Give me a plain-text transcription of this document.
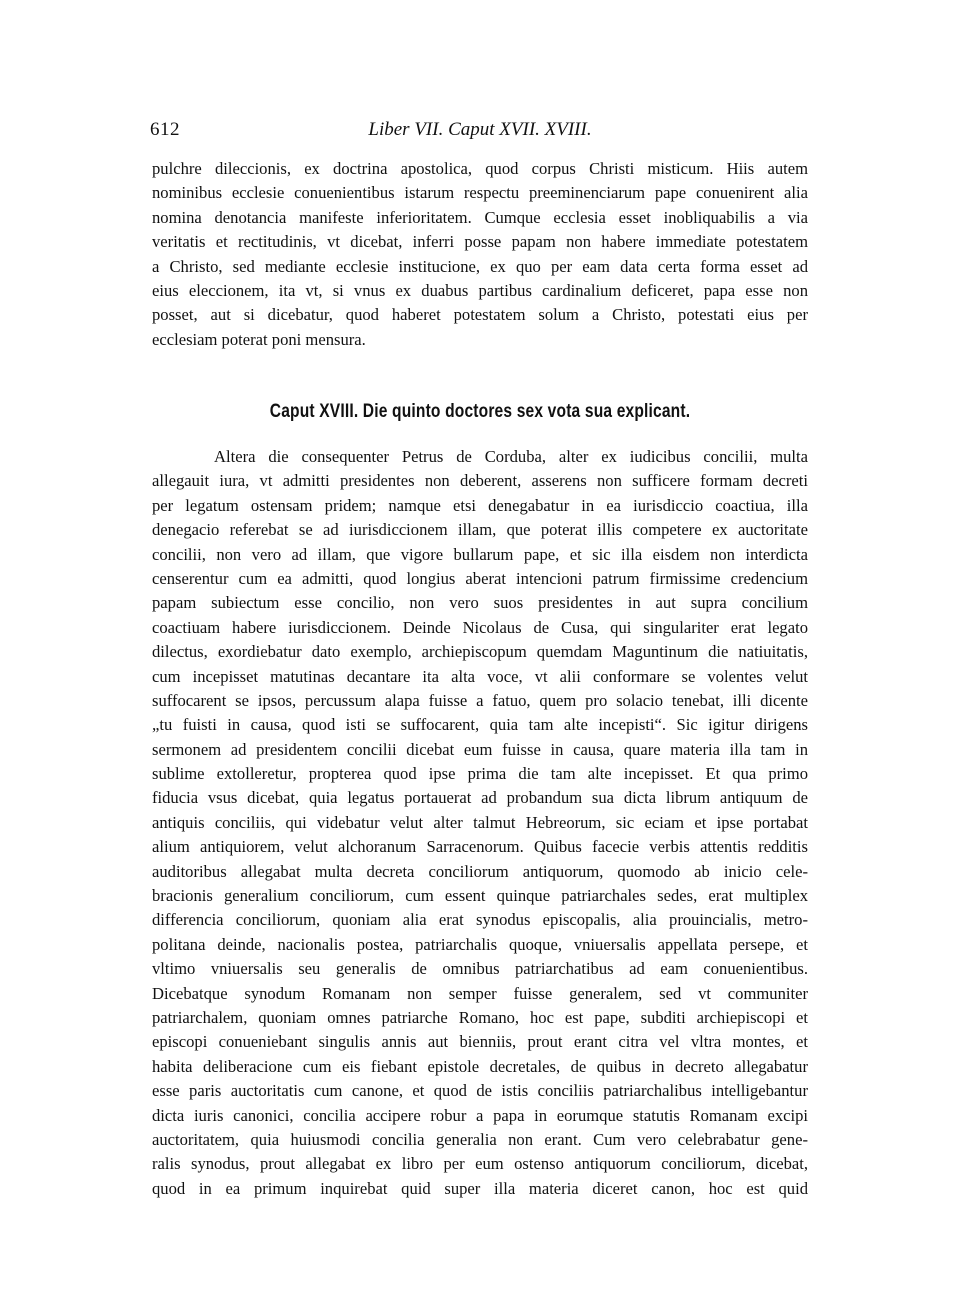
612	Liber VII. Caput XVII. XVIII.
pulchre dileccionis, ex doctrina apostolica, quod corpus Christi misticum. Hiis autem
nominibus ecclesie conuenientibus istarum respectu preeminenciarum pape conuenirent alia
nomina denotancia manifeste inferioritatem. Cumque ecclesia esset inobliquabilis a via
veritatis et rectitudinis, vt dicebat, inferri posse papam non habere immediate potestatem
a Christo, sed mediante ecclesie institucione, ex quo per eam data certa forma esset ad
eius eleccionem, ita vt, si vnus ex duabus partibus cardinalium deficeret, papa esse non
posset, aut si dicebatur, quod haberet potestatem solum a Christo, potestati eius per
ecclesiam poterat poni mensura.
Caput XVIII. Die quinto doctores sex vota sua explicant.
Altera die consequenter Petrus de Corduba, alter ex iudicibus concilii, multa
allegauit iura, vt admitti presidentes non deberent, asserens non sufficere formam decreti
per legatum ostensam pridem; namque etsi denegabatur in ea iurisdiccio coactiua, illa
denegacio referebat se ad iurisdiccionem illam, que poterat illis competere ex auctoritate
concilii, non vero ad illam, que vigore bullarum pape, et sic illa eisdem non interdicta
censerentur cum ea admitti, quod longius aberat intencioni patrum firmissime credencium
papam subiectum esse concilio, non vero suos presidentes in aut supra concilium
coactiuam habere iurisdiccionem. Deinde Nicolaus de Cusa, qui singulariter erat legato
dilectus, exordiebatur dato exemplo, archiepiscopum quemdam Maguntinum die natiuitatis,
cum incepisset matutinas decantare ita alta voce, vt alii conformare se volentes velut
suffocarent se ipsos, percussum alapa fuisse a fatuo, quem pro solacio tenebat, illi dicente
„tu fuisti in causa, quod isti se suffocarent, quia tam alte incepisti“. Sic igitur dirigens
sermonem ad presidentem concilii dicebat eum fuisse in causa, quare materia illa tam in
sublime extolleretur, propterea quod ipse prima die tam alte incepisset. Et qua primo
fiducia vsus dicebat, quia legatus portauerat ad probandum sua dicta librum antiquum de
antiquis conciliis, qui videbatur velut alter talmut Hebreorum, sic eciam et ipse portabat
alium antiquiorem, velut alchoranum Sarracenorum. Quibus facecie verbis attentis redditis
auditoribus allegabat multa decreta conciliorum antiquorum, quomodo ab inicio cele-
bracionis generalium conciliorum, cum essent quinque patriarchales sedes, erat multiplex
differencia conciliorum, quoniam alia erat synodus episcopalis, alia prouincialis, metro-
politana deinde, nacionalis postea, patriarchalis quoque, vniuersalis appellata persepe, et
vltimo vniuersalis seu generalis de omnibus patriarchatibus ad eam conuenientibus.
Dicebatque synodum Romanam non semper fuisse generalem, sed vt communiter
patriarchalem, quoniam omnes patriarche Romano, hoc est pape, subditi archiepiscopi et
episcopi conueniebant singulis annis aut bienniis, prout erant citra vel vltra montes, et
habita deliberacione cum eis fiebant epistole decretales, de quibus in decreto allegabatur
esse paris auctoritatis cum canone, et quod de istis conciliis patriarchalibus intelligebantur
dicta iuris canonici, concilia accipere robur a papa in eorumque statutis Romanam excipi
auctoritatem, quia huiusmodi concilia generalia non erant. Cum vero celebrabatur gene-
ralis synodus, prout allegabat ex libro per eum ostenso antiquorum conciliorum, dicebat,
quod in ea primum inquirebat quid super illa materia diceret canon, hoc est quid
